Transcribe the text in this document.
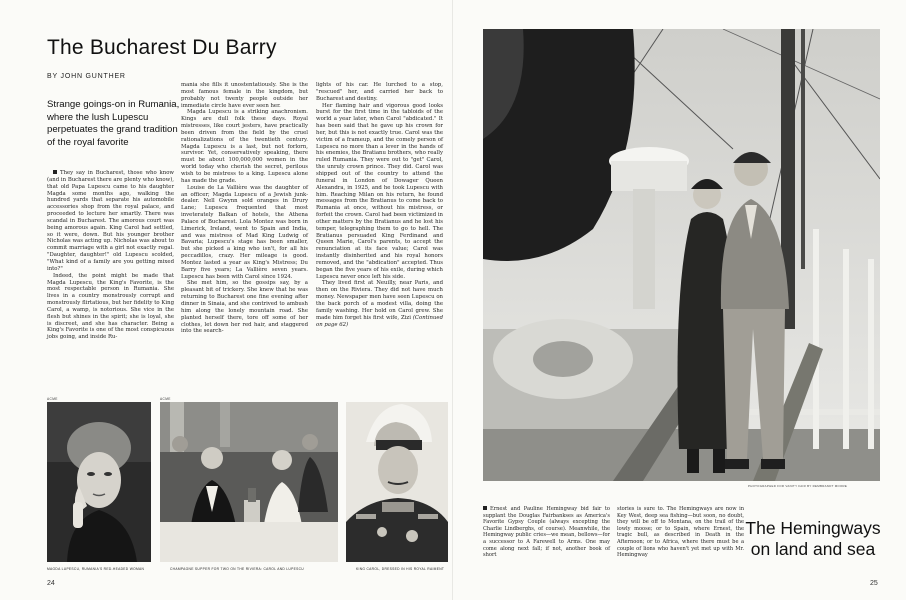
The Bucharest Du Barry
BY JOHN GUNTHER
Strange goings-on in Rumania, where the lush Lupescu perpetuates the grand tradition of the royal favorite

They say in Bucharest, those who know (and in Bucharest there are plenty who know), that old Papa Lupescu came to his daughter Magda some months ago, walking the hundred yards that separate his automobile accessories shop from the royal palace, and proceeded to lecture her smartly. There was scandal in Bucharest. The amorous court was being amorous again. King Carol had settled, so it were, down. But his younger brother Nicholas was acting up. Nicholas was about to commit marriage with a girl not exactly regal. "Daughter, daughter!" old Lupescu scolded, "What kind of a family are you getting mixed into?"

Indeed, the point might be made that Magda Lupescu, the King's Favorite, is the most respectable person in Rumania. She lives in a country monstrously corrupt and monstrously flirtatious, but her fidelity to King Carol, a wamp, is notorious. She vice in the flesh but shines in the spirit; she is loyal, she is discreet, and she has character. Being a King's Favorite is one of the most conspicuous jobs going, and inside Ru-

mania she fills it unostentatiously. She is the most famous female in the kingdom, but probably not twenty people outside her immediate circle have ever seen her.

Magda Lupescu is a striking anachronism. Kings are dull folk these days. Royal mistresses, like court jesters, have practically been driven from the field by the cruel rationalizations of the twentieth century. Magda Lupescu is a last, but not forlorn, survivor. Yet, conservatively speaking, there must be about 100,000,000 women in the world today who cherish the secret, perilous wish to be mistress to a king. Lupescu alone has made the grade.

Louise de La Vallière was the daughter of an officer; Magda Lupescu of a Jewish junk-dealer. Nell Gwynn sold oranges in Drury Lane; Lupescu frequented that most inveterately Balkan of hotels, the Athena Palace of Bucharest. Lola Montez was born in Limerick, Ireland, went to Spain and India, and was mistress of Mad King Ludwig of Bavaria; Lupescu's stage has been smaller, but she picked a king who isn't, for all his peccadillos, crazy. Her mileage is good. Montez lasted a year as King's Mistress; Du Barry five years; La Vallière seven years. Lupescu has been with Carol since 1924.

She met him, so the gossips say, by a pleasant bit of trickery. She knew that he was returning to Bucharest one fine evening after dinner in Sinaia, and she contrived to ambush him along the lonely mountain road. She planted herself there, tore off some of her clothes, let down her red hair, and staggered into the search-

lights of his car. He lurched to a stop, "rescued" her, and carried her back to Bucharest and destiny.

Her flaming hair and vigorous good looks burst for the first time in the tabloids of the world a year later, when Carol "abdicated." It has been said that he gave up his crown for her, but this is not exactly true. Carol was the victim of a frameup, and the comely person of Lupescu no more than a lever in the hands of his enemies, the Bratianu brothers, who really ruled Rumania. They were out to "get" Carol, the unruly crown prince. They did. Carol was shipped out of the country to attend the funeral in London of Dowager Queen Alexandra, in 1925, and he took Lupescu with him. Reaching Milan on his return, he found messages from the Bratianus to come back to Rumania at once, without his mistress, or forfeit the crown. Carol had been victimized in other matters by the Bratianus and he lost his temper, telegraphing them to go to hell. The Bratianus persuaded King Ferdinand and Queen Marie, Carol's parents, to accept the renunciation at its face value; Carol was instantly disinherited and his royal honors removed, and the "abdication" accepted. Thus began the five years of his exile, during which Lupescu never once left his side.

They lived first at Neuilly, near Paris, and then on the Riviera. They did not have much money. Newspaper men have seen Lupescu on the back porch of a modest villa, doing the family washing. Her hold on Carol grew. She made him forget his first wife, Zizi (Continued on page 62)

ACME	ACME
MAGDA LUPESCU, RUMANIA'S RED-HEADED WOMAN	CHAMPAGNE SUPPER FOR TWO ON THE RIVIERA: CAROL AND LUPESCU	KING CAROL, DRESSED IN HIS ROYAL RAIMENT
24
PHOTOGRAPHED FOR VANITY FAIR BY REMBRANDT MOORE

Ernest and Pauline Hemingway bid fair to supplant the Douglas Fairbankses as America's Favorite Gypsy Couple (always excepting the Charlie Lindberghs, of course). Meanwhile, the Hemingway public cries—we mean, bellows—for a successor to A Farewell to Arms. One may come along next fall; if not, another book of short

stories is sure to. The Hemingways are now in Key West, deep sea fishing—but soon, no doubt, they will be off to Montana, on the trail of the lowly moose; or to Spain, where Ernest, the tragic bull, as described in Death in the Afternoon; or to Africa, where there must be a couple of lions who haven't yet met up with Mr. Hemingway

The Hemingways on land and sea
25
